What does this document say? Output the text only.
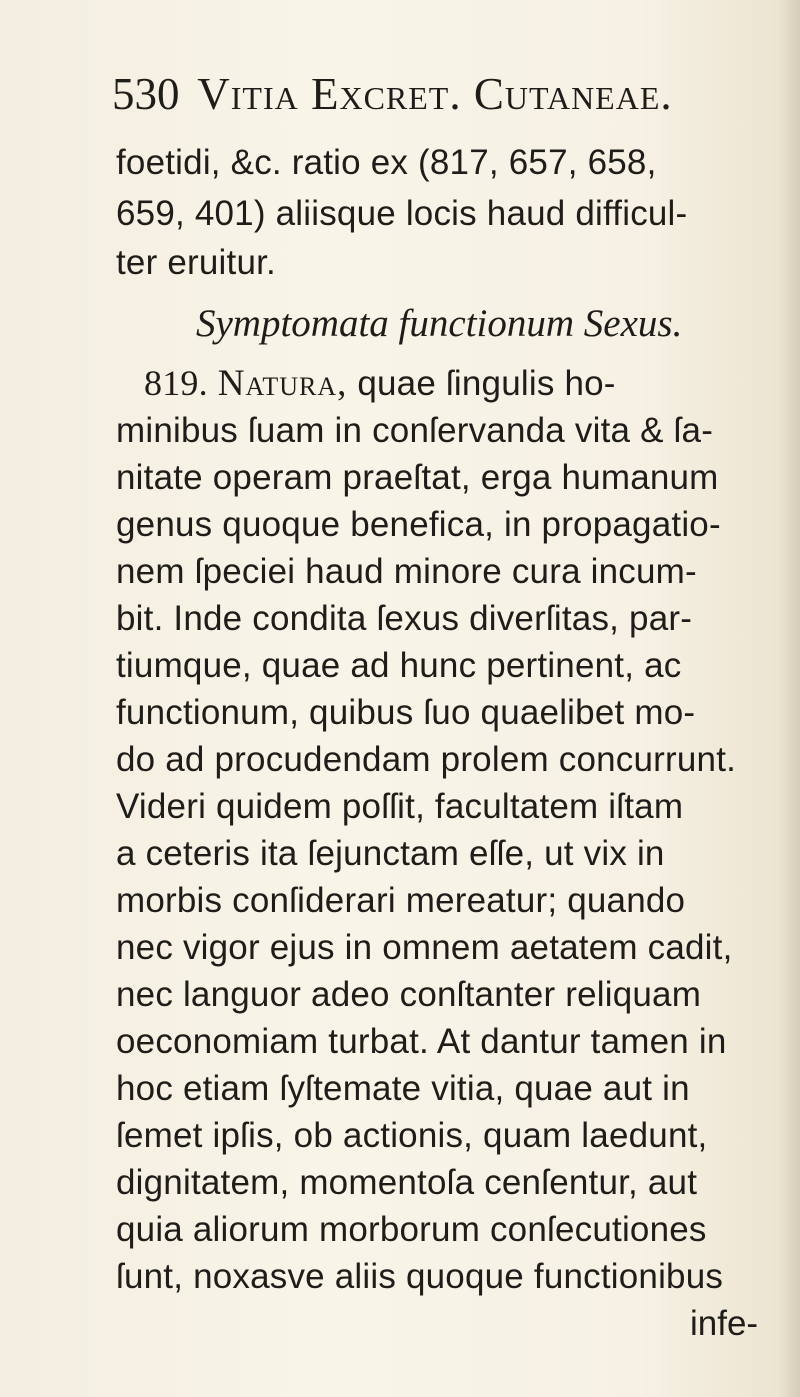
530 Vitia Excret. Cutaneae.
foetidi, &c. ratio ex (817, 657, 658,
659, 401) aliisque locis haud difficul-
ter eruitur.
Symptomata functionum Sexus.
819. Natura, quae ſingulis ho-
minibus ſuam in conſervanda vita & ſa-
nitate operam praeſtat, erga humanum
genus quoque benefica, in propagatio-
nem ſpeciei haud minore cura incum-
bit. Inde condita ſexus diverſitas, par-
tiumque, quae ad hunc pertinent, ac
functionum, quibus ſuo quaelibet mo-
do ad procudendam prolem concurrunt.
Videri quidem poſſit, facultatem iſtam
a ceteris ita ſejunctam eſſe, ut vix in
morbis conſiderari mereatur; quando
nec vigor ejus in omnem aetatem cadit,
nec languor adeo conſtanter reliquam
oeconomiam turbat. At dantur tamen in
hoc etiam ſyſtemate vitia, quae aut in
ſemet ipſis, ob actionis, quam laedunt,
dignitatem, momentoſa cenſentur, aut
quia aliorum morborum conſecutiones
infe-
ſunt, noxasve aliis quoque functionibus
